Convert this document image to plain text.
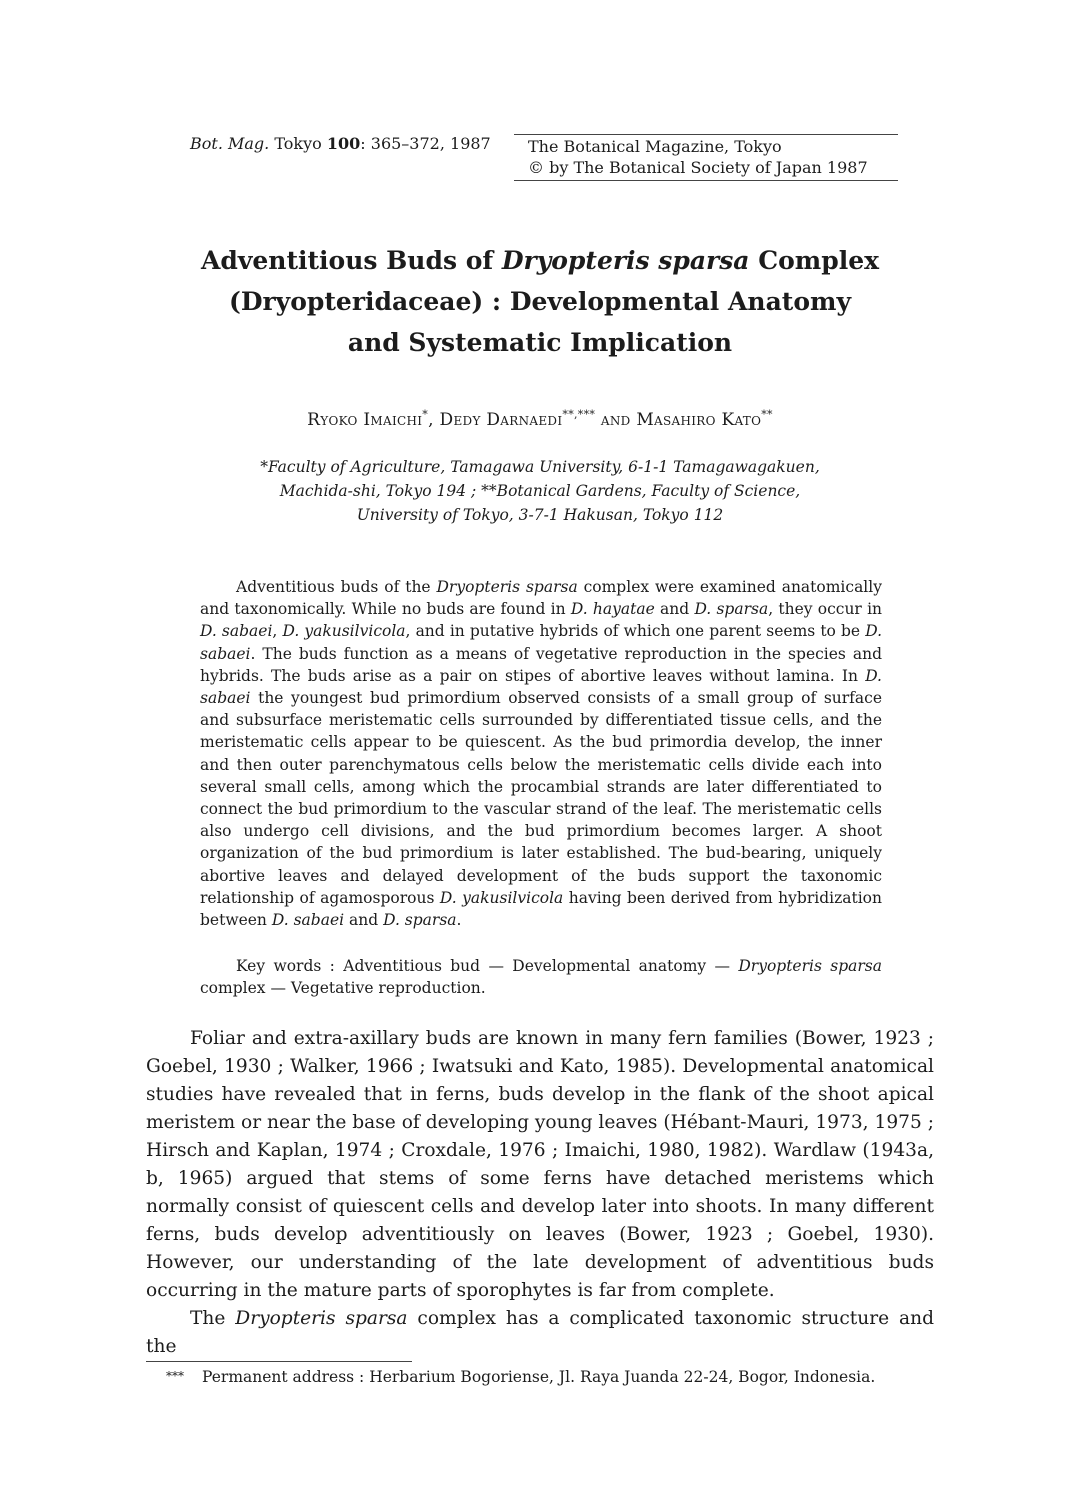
Bot. Mag. Tokyo 100: 365–372, 1987	The Botanical Magazine, Tokyo
© by The Botanical Society of Japan 1987
Adventitious Buds of Dryopteris sparsa Complex
(Dryopteridaceae) : Developmental Anatomy
and Systematic Implication
Ryoko Imaichi*, Dedy Darnaedi**,*** and Masahiro Kato**
*Faculty of Agriculture, Tamagawa University, 6-1-1 Tamagawagakuen,
Machida-shi, Tokyo 194 ; **Botanical Gardens, Faculty of Science,
University of Tokyo, 3-7-1 Hakusan, Tokyo 112
Adventitious buds of the Dryopteris sparsa complex were examined anatomically and taxonomically. While no buds are found in D. hayatae and D. sparsa, they occur in D. sabaei, D. yakusilvicola, and in putative hybrids of which one parent seems to be D. sabaei. The buds function as a means of vegetative reproduction in the species and hybrids. The buds arise as a pair on stipes of abortive leaves without lamina. In D. sabaei the youngest bud primordium observed consists of a small group of surface and subsurface meristematic cells surrounded by differentiated tissue cells, and the meristematic cells appear to be quiescent. As the bud primordia develop, the inner and then outer parenchymatous cells below the meristematic cells divide each into several small cells, among which the procambial strands are later differentiated to connect the bud primordium to the vascular strand of the leaf. The meristematic cells also undergo cell divisions, and the bud primordium becomes larger. A shoot organization of the bud primordium is later established. The bud-bearing, uniquely abortive leaves and delayed development of the buds support the taxonomic relationship of agamosporous D. yakusilvicola having been derived from hybridization between D. sabaei and D. sparsa.
Key words : Adventitious bud — Developmental anatomy — Dryopteris sparsa complex — Vegetative reproduction.

Foliar and extra-axillary buds are known in many fern families (Bower, 1923 ; Goebel, 1930 ; Walker, 1966 ; Iwatsuki and Kato, 1985). Developmental anatomical studies have revealed that in ferns, buds develop in the flank of the shoot apical meristem or near the base of developing young leaves (Hébant-Mauri, 1973, 1975 ; Hirsch and Kaplan, 1974 ; Croxdale, 1976 ; Imaichi, 1980, 1982). Wardlaw (1943a, b, 1965) argued that stems of some ferns have detached meristems which normally consist of quiescent cells and develop later into shoots. In many different ferns, buds develop adventitiously on leaves (Bower, 1923 ; Goebel, 1930). However, our understanding of the late development of adventitious buds occurring in the mature parts of sporophytes is far from complete.

The Dryopteris sparsa complex has a complicated taxonomic structure and the

*** Permanent address : Herbarium Bogoriense, Jl. Raya Juanda 22-24, Bogor, Indonesia.
